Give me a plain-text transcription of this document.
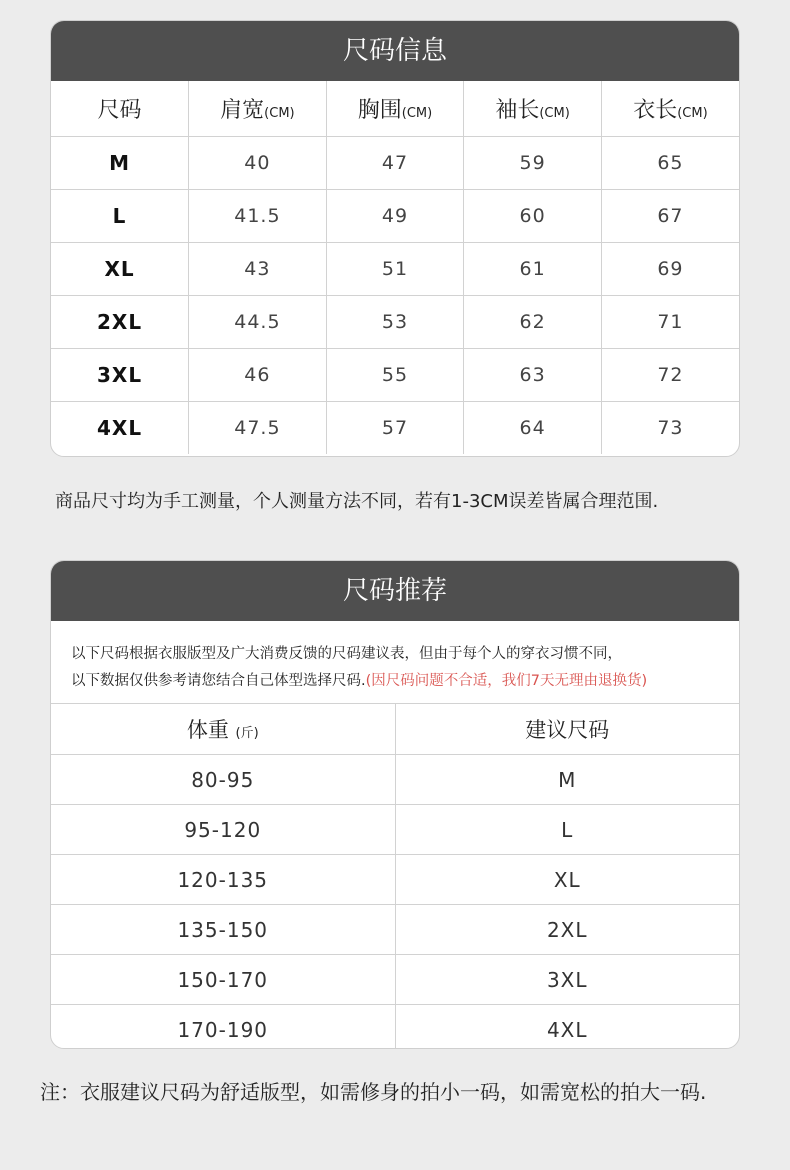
尺码信息
尺码	肩宽(CM)	胸围(CM)	袖长(CM)	衣长(CM)
M	40	47	59	65
L	41.5	49	60	67
XL	43	51	61	69
2XL	44.5	53	62	71
3XL	46	55	63	72
4XL	47.5	57	64	73
商品尺寸均为手工测量，个人测量方法不同，若有1-3CM误差皆属合理范围.
尺码推荐
以下尺码根据衣服版型及广大消费反馈的尺码建议表，但由于每个人的穿衣习惯不同，
以下数据仅供参考请您结合自己体型选择尺码.(因尺码问题不合适，我们7天无理由退换货)
体重 (斤)	建议尺码
80-95	M
95-120	L
120-135	XL
135-150	2XL
150-170	3XL
170-190	4XL
注：衣服建议尺码为舒适版型，如需修身的拍小一码，如需宽松的拍大一码.
